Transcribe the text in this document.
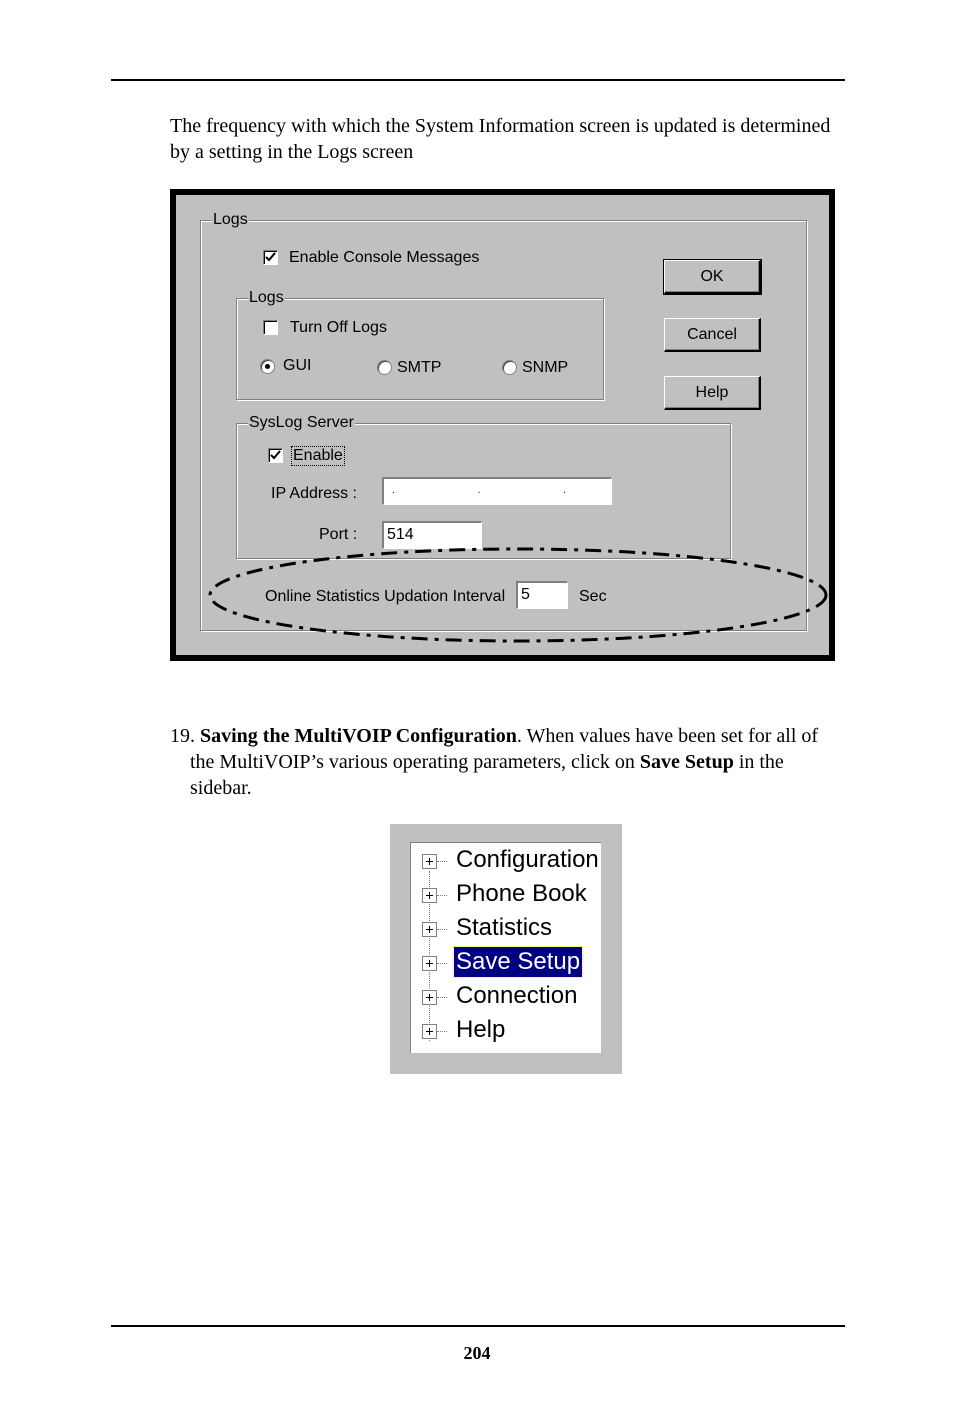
The frequency with which the System Information screen is updated is determined by a setting in the Logs screen
Logs
Enable Console Messages
OK
Cancel
Help
Logs
Turn Off Logs
GUI	SMTP	SNMP
SysLog Server
Enable
IP Address :	. . .
Port :	514
Online Statistics Updation Interval 5	Sec
19. Saving the MultiVOIP Configuration. When values have been set for all of the MultiVOIP’s various operating parameters, click on Save Setup in the sidebar.
Configuration
Phone Book
Statistics
Save Setup
Connection
Help
204
